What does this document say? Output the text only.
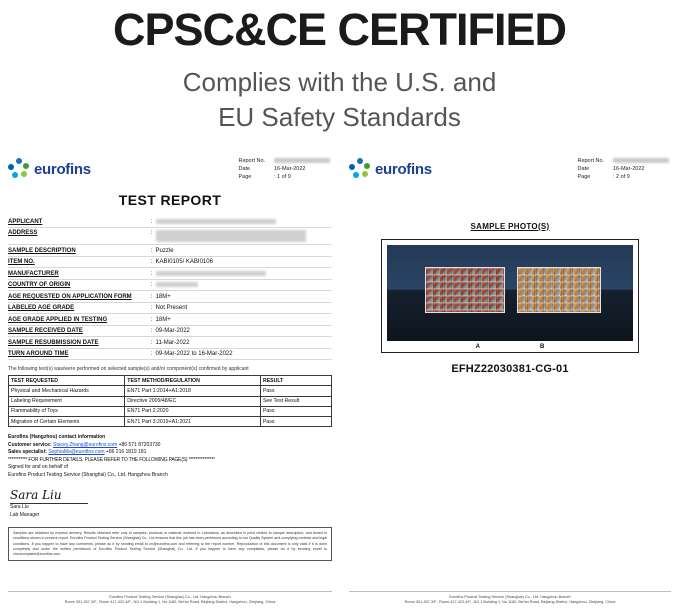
CPSC&CE CERTIFIED
Complies with the U.S. and
EU Safety Standards
eurofins	Report No.
Date	16-Mar-2022
Page	: 1 of 9
TEST REPORT
APPLICANT	:	
ADDRESS	:	
SAMPLE DESCRIPTION	:	Puzzle
ITEM NO.	:	KABI0105/ KABI0106
MANUFACTURER	:	
COUNTRY OF ORIGIN	:	
AGE REQUESTED ON APPLICATION FORM	:	18M+
LABELED AGE GRADE	:	Not Present
AGE GRADE APPLIED IN TESTING	:	18M+
SAMPLE RECEIVED DATE	:	09-Mar-2022
SAMPLE RESUBMISSION DATE	:	11-Mar-2022
TURN AROUND TIME	:	09-Mar-2022 to 16-Mar-2022
The following test(s) was/were performed on selected sample(s) and/or component(s) confirmed by applicant
TEST REQUESTED	TEST METHOD/REGULATION	RESULT
Physical and Mechanical Hazards	EN71 Part 1:2014+A1:2018	Pass
Labeling Requirement	Directive 2009/48/EC	See Test Result
Flammability of Toys	EN71 Part 2:2020	Pass
Migration of Certain Elements	EN71 Part 3:2019+A1:2021	Pass
Eurofins (Hangzhou) contact information
Customer service: Stacey.Zhang@eurofins.com +86 571 87203730
Sales specialist: SophiaMa@eurofins.com +86 216 1819 181
*********** FOR FURTHER DETAILS, PLEASE REFER TO THE FOLLOWING PAGE(S) ***************
Signed for and on behalf of
Eurofins Product Testing Service (Shanghai) Co., Ltd. Hangzhou Branch
Sara Liu
Sara Liu
Lab Manager
Samples are obtained by express delivery, Results obtained refer only to samples, products or material received in Laboratory, as described in point related to sample description, and tested in conditions shown in present report. Eurofins Product Testing Service (Shanghai) Co., Ltd ensures that this job has been performed according to our Quality System and complying contract and legal conditions. If you happen to have any comments, please do it by sending email to cn@eurofins.com and referring to the report number. Reproduction of this document is only valid if it is done completely and under the written permission of Eurofins Product Testing Service (Shanghai) Co., Ltd. If you happen to have any complaints, please do it by sending email to cheucomplaint@eurofins.com
Eurofins Product Testing Service (Shanghai) Co., Ltd. Hangzhou Branch
Room 301-307,3/F., Room 417-422,4/F., NO.1 Building 1, No.1180, Bei'an Road, Binjiang District, Hangzhou, Zhejiang, China
eurofins	Report No.
Date	16-Mar-2022
Page	: 2 of 9
SAMPLE PHOTO(S)
A	B
EFHZ22030381-CG-01
Eurofins Product Testing Service (Shanghai) Co., Ltd. Hangzhou Branch
Room 301-307,3/F., Room 417-422,4/F., NO.1 Building 1, No.1180, Bei'an Road, Binjiang District, Hangzhou, Zhejiang, China
